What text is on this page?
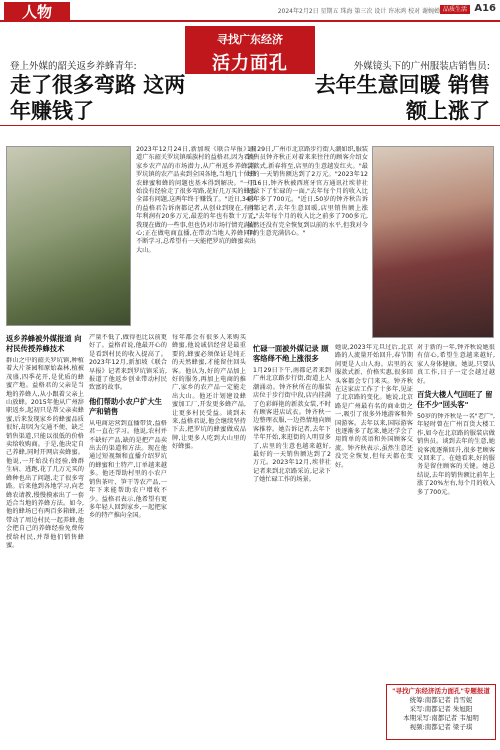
人物	2024年2月2日 星期五 珠海 第三次 设计 许冰鸿 校对 谢婉婵 品质生活 A16
寻找广东经济
活力面孔
登上外媒的韶关返乡养蜂青年:
走了很多弯路 这两年赚钱了
外媒镜头下的广州服装店销售员:
去年生意回暖 销售额上涨了
2023年12月24日,新加坡《联合早报》报道广东韶关罗坑镇瑶族村的益格君,因为看好家乡农产品的市场潜力,从广州返乡养蜂,将罗坑镇的农产品卖到全国各地,当地几十位蜂农蜂蜜和蜂的问题也基本得到解决。"一开始没有经验走了很多弯路,花好几万买的蜂蜜全部有问题,这两年终于赚钱了。"近日,34岁的益格君告诉南都记者,从创业到现在,有半年利润有20多万元,最差的年也有数十万元,我现在做的一些事,但也仍对市场行情充满信心;正在做电商直播,在带动当地人养蜂同时不断学习,总希望有一天能把罗坑的蜂蜜卖出大山。
1月29日,广州市北京路步行街人潮如织,服装销售员钟齐秋正对着来来往往的顾客介绍女装款式,新春将至,店里的生意越发红火。"最好的一天销售额达到了2万元。"2023年12月16日,钟齐秋被西班牙官方通讯社埃菲社记录下了忙碌的一面,"去年每个月的收入比前年多了700元。"近日,50岁的钟齐秋告诉南都记者,去年生意回暖,店里销售额上涨了,"去年每个月的收入比之前多了700多元,虽然还没有完全恢复到以前的水平,但我对今年的生意充满信心。"
返乡养蜂被外媒报道 向村民传授养蜂技术
群山之中的韶关罗坑镇,种植着大片茶园和原始森林,植被茂盛,四季花开,是优质的蜂蜜产地。益格君的父亲是当地的养蜂人,从小跟着父亲上山放蜂。2015年他从广州辞职返乡,起初只是帮父亲卖蜂蜜,后来发现家乡的蜂蜜品质很好,却因为交通不便、缺乏销售渠道,只能以很低的价格卖给收购商。于是,他决定自己养蜂,同时开网店卖蜂蜜。他说,一开始没有经验,蜂群生病、逃跑,花了几万元买的蜂种也出了问题,走了很多弯路。后来他到各地学习,向老蜂农请教,慢慢摸索出了一套适合当地的养蜂方法。如今,他的蜂场已有两百多箱蜂,还带动了周边村民一起养蜂,他会把自己的养蜂经验免费传授给村民,并帮他们销售蜂蜜。
产量不低了,做得也比以前更好了。益格君说,他最开心的是看到村民的收入提高了。2023年12月,新加坡《联合早报》记者来到罗坑镇采访,报道了他返乡创业带动村民致富的故事。
他们帮助小农户扩大生产和销售
从电商运营到直播带货,益格君一直在学习。他说,农村并不缺好产品,缺的是把产品卖出去的渠道和方法。现在他通过短视频和直播介绍罗坑的蜂蜜和土特产,订单越来越多。他还帮助村里的小农户销售茶叶、笋干等农产品,一年下来能帮助农户增收不少。益格君表示,他希望有更多年轻人回到家乡,一起把家乡的特产推向全国。
每年都会有很多人来购买蜂蜜,他说诚信经营是最重要的,蜂蜜必须保证是纯正的天然蜂蜜,才能留住回头客。他认为,好的产品加上好的服务,再加上电商的推广,家乡的农产品一定能走出大山。他还计划建设蜂蜜加工厂,开发更多蜂产品,让更多村民受益。谈到未来,益格君说,他会继续坚持下去,把罗坑的蜂蜜做成品牌,让更多人吃到大山里的好蜂蜜。
忙碌一面被外媒记录 顾客络绎不绝上涨很多
1月29日下午,南都记者来到广州北京路步行街,街道上人潮涌动。钟齐秋所在的服装店位于步行街中段,店内挂满了色彩鲜艳的新款女装,不时有顾客进店试衣。钟齐秋一边整理衣服,一边热情地向顾客推荐。她告诉记者,去年下半年开始,来逛街的人明显多了,店里的生意也越来越好,最好的一天销售额达到了2万元。2023年12月,埃菲社记者来到北京路采访,记录下了她忙碌工作的场景。
她说,2023年元旦过后,北京路的人流量开始回升,春节期间更是人山人海。店里的衣服款式新、价格实惠,很多回头客都会专门来买。钟齐秋在这家店工作了十多年,见证了北京路的变化。她说,北京路是广州最有名的商业街之一,吸引了很多外地游客和外国游客。去年以来,国际游客也逐渐多了起来,她还学会了用简单的英语和外国顾客交流。钟齐秋表示,虽然生意还没完全恢复,但每天都在变好。
对于新的一年,钟齐秋说她很有信心,希望生意越来越好,家人身体健康。她说,只要认真工作,日子一定会越过越好。
百货大楼人气回旺了 留住不少"回头客"
50岁的钟齐秋是一名"老广",年轻时曾在广州百货大楼工作,如今在北京路的服装店做销售员。谈到去年的生意,她说客流逐渐回升,很多老顾客又回来了。在她看来,好的服务是留住顾客的关键。她总结说,去年的销售额比前年上涨了20%左右,每个月的收入多了700元。
"寻找广东经济活力面孔"专题报道
统筹:南都记者 肖雪妮
采写:南都记者 朱旭阳
本期采写:南都记者 韦旭明
视频:南都记者 梁子琪
